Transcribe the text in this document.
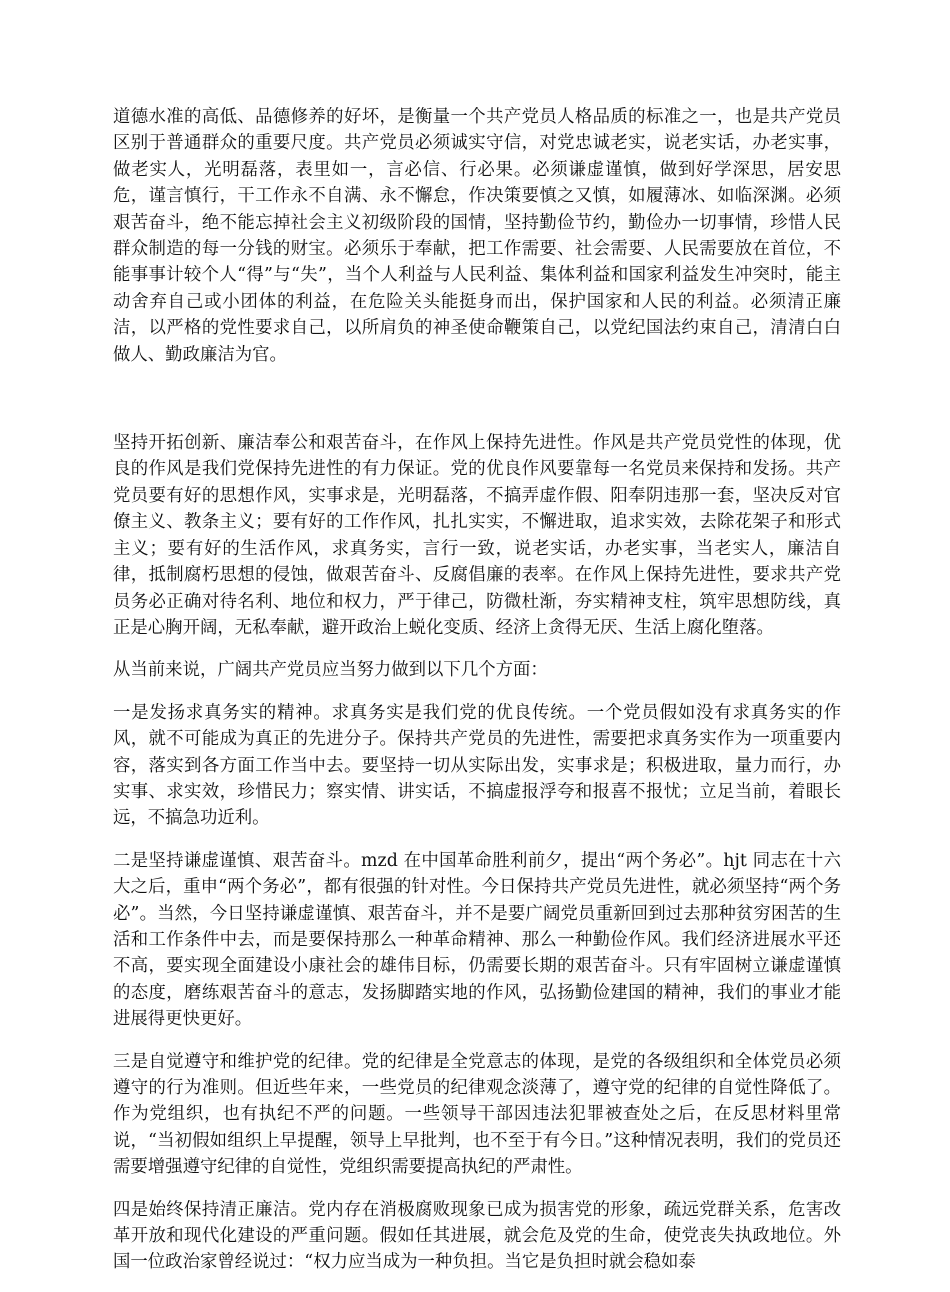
道德水准的高低、品德修养的好坏，是衡量一个共产党员人格品质的标准之一，也是共产党员区别于普通群众的重要尺度。共产党员必须诚实守信，对党忠诚老实，说老实话，办老实事，做老实人，光明磊落，表里如一，言必信、行必果。必须谦虚谨慎，做到好学深思，居安思危，谨言慎行，干工作永不自满、永不懈怠，作决策要慎之又慎，如履薄冰、如临深渊。必须艰苦奋斗，绝不能忘掉社会主义初级阶段的国情，坚持勤俭节约，勤俭办一切事情，珍惜人民群众制造的每一分钱的财宝。必须乐于奉献，把工作需要、社会需要、人民需要放在首位，不能事事计较个人“得”与“失”，当个人利益与人民利益、集体利益和国家利益发生冲突时，能主动舍弃自己或小团体的利益，在危险关头能挺身而出，保护国家和人民的利益。必须清正廉洁，以严格的党性要求自己，以所肩负的神圣使命鞭策自己，以党纪国法约束自己，清清白白做人、勤政廉洁为官。

坚持开拓创新、廉洁奉公和艰苦奋斗，在作风上保持先进性。作风是共产党员党性的体现，优良的作风是我们党保持先进性的有力保证。党的优良作风要靠每一名党员来保持和发扬。共产党员要有好的思想作风，实事求是，光明磊落，不搞弄虚作假、阳奉阴违那一套，坚决反对官僚主义、教条主义；要有好的工作作风，扎扎实实，不懈进取，追求实效，去除花架子和形式主义；要有好的生活作风，求真务实，言行一致，说老实话，办老实事，当老实人，廉洁自律，抵制腐朽思想的侵蚀，做艰苦奋斗、反腐倡廉的表率。在作风上保持先进性，要求共产党员务必正确对待名利、地位和权力，严于律己，防微杜渐，夯实精神支柱，筑牢思想防线，真正是心胸开阔，无私奉献，避开政治上蜕化变质、经济上贪得无厌、生活上腐化堕落。

从当前来说，广阔共产党员应当努力做到以下几个方面：

一是发扬求真务实的精神。求真务实是我们党的优良传统。一个党员假如没有求真务实的作风，就不可能成为真正的先进分子。保持共产党员的先进性，需要把求真务实作为一项重要内容，落实到各方面工作当中去。要坚持一切从实际出发，实事求是；积极进取，量力而行，办实事、求实效，珍惜民力；察实情、讲实话，不搞虚报浮夸和报喜不报忧；立足当前，着眼长远，不搞急功近利。

二是坚持谦虚谨慎、艰苦奋斗。mzd 在中国革命胜利前夕，提出“两个务必”。hjt 同志在十六大之后，重申“两个务必”，都有很强的针对性。今日保持共产党员先进性，就必须坚持“两个务必”。当然，今日坚持谦虚谨慎、艰苦奋斗，并不是要广阔党员重新回到过去那种贫穷困苦的生活和工作条件中去，而是要保持那么一种革命精神、那么一种勤俭作风。我们经济进展水平还不高，要实现全面建设小康社会的雄伟目标，仍需要长期的艰苦奋斗。只有牢固树立谦虚谨慎的态度，磨练艰苦奋斗的意志，发扬脚踏实地的作风，弘扬勤俭建国的精神，我们的事业才能进展得更快更好。

三是自觉遵守和维护党的纪律。党的纪律是全党意志的体现，是党的各级组织和全体党员必须遵守的行为准则。但近些年来，一些党员的纪律观念淡薄了，遵守党的纪律的自觉性降低了。作为党组织，也有执纪不严的问题。一些领导干部因违法犯罪被查处之后，在反思材料里常说，“当初假如组织上早提醒，领导上早批判，也不至于有今日。”这种情况表明，我们的党员还需要增强遵守纪律的自觉性，党组织需要提高执纪的严肃性。

四是始终保持清正廉洁。党内存在消极腐败现象已成为损害党的形象，疏远党群关系，危害改革开放和现代化建设的严重问题。假如任其进展，就会危及党的生命，使党丧失执政地位。外国一位政治家曾经说过：“权力应当成为一种负担。当它是负担时就会稳如泰
